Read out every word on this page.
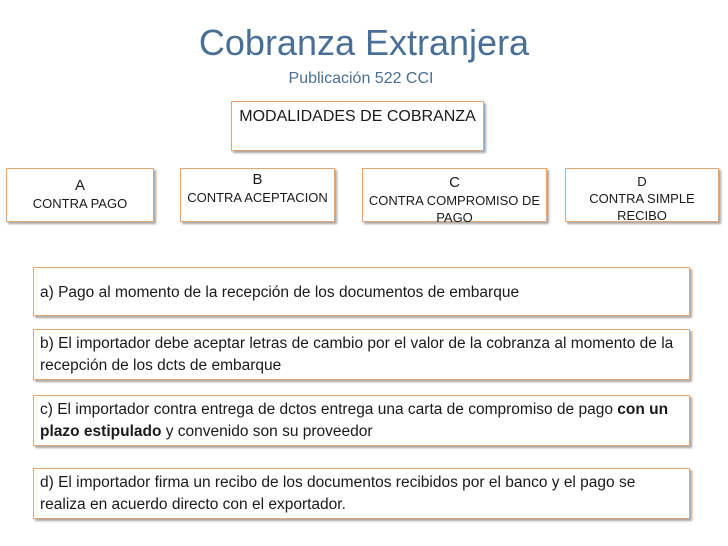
Cobranza Extranjera
Publicación 522 CCI
MODALIDADES DE COBRANZA
A
CONTRA PAGO
B
CONTRA ACEPTACION
C
CONTRA COMPROMISO DE PAGO
D
CONTRA SIMPLE RECIBO
a) Pago al momento de la recepción de los documentos de embarque
b) El importador debe aceptar letras de cambio por el valor de la cobranza al momento de la recepción de los dcts de embarque
c) El importador contra entrega de dctos entrega una carta de compromiso de pago con un plazo estipulado y convenido son su proveedor
d) El importador firma un recibo de los documentos recibidos por el banco y el pago se realiza en acuerdo directo con el exportador.
